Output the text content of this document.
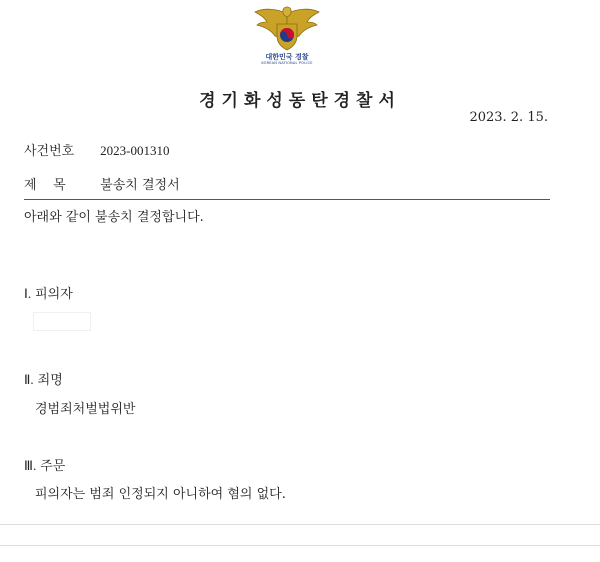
대한민국 경찰
KOREAN NATIONAL POLICE
경기화성동탄경찰서
2023. 2. 15.
사건번호 2023-001310
제    목	불송치 결정서
아래와 같이 불송치 결정합니다.
Ⅰ. 피의자
Ⅱ. 죄명
경범죄처벌법위반
Ⅲ. 주문
피의자는 범죄 인정되지 아니하여 혐의 없다.
